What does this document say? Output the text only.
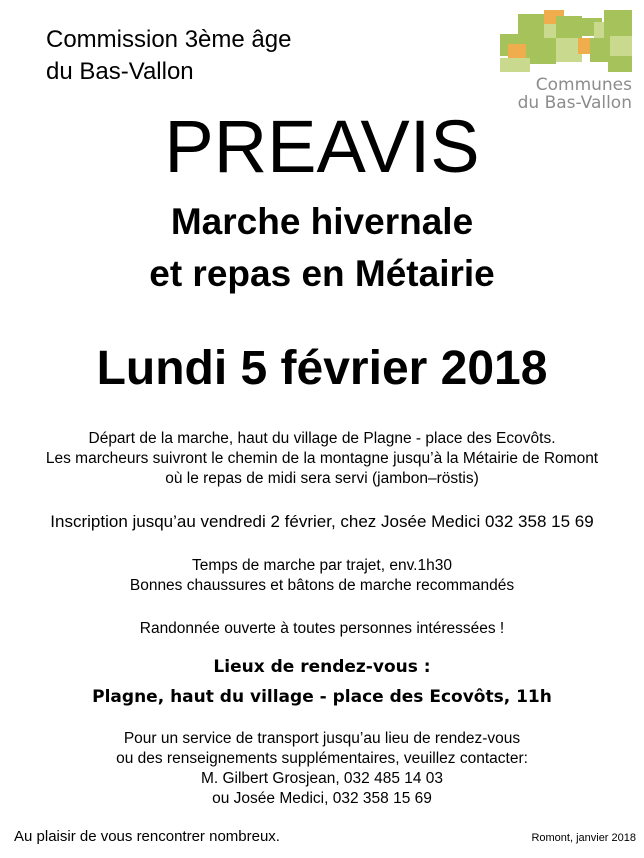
Commission 3ème âge
du Bas-Vallon	Communes
du Bas-Vallon
PREAVIS
Marche hivernale
et repas en Métairie
Lundi 5 février 2018
Départ de la marche, haut du village de Plagne - place des Ecovôts.
Les marcheurs suivront le chemin de la montagne jusqu’à la Métairie de Romont
où le repas de midi sera servi (jambon–röstis)
Inscription jusqu’au vendredi 2 février, chez Josée Medici 032 358 15 69
Temps de marche par trajet, env.1h30
Bonnes chaussures et bâtons de marche recommandés
Randonnée ouverte à toutes personnes intéressées !
Lieux de rendez-vous :
Plagne, haut du village - place des Ecovôts, 11h
Pour un service de transport jusqu’au lieu de rendez-vous
ou des renseignements supplémentaires, veuillez contacter:
M. Gilbert Grosjean, 032 485 14 03
ou Josée Medici, 032 358 15 69
Au plaisir de vous rencontrer nombreux.	Romont, janvier 2018
